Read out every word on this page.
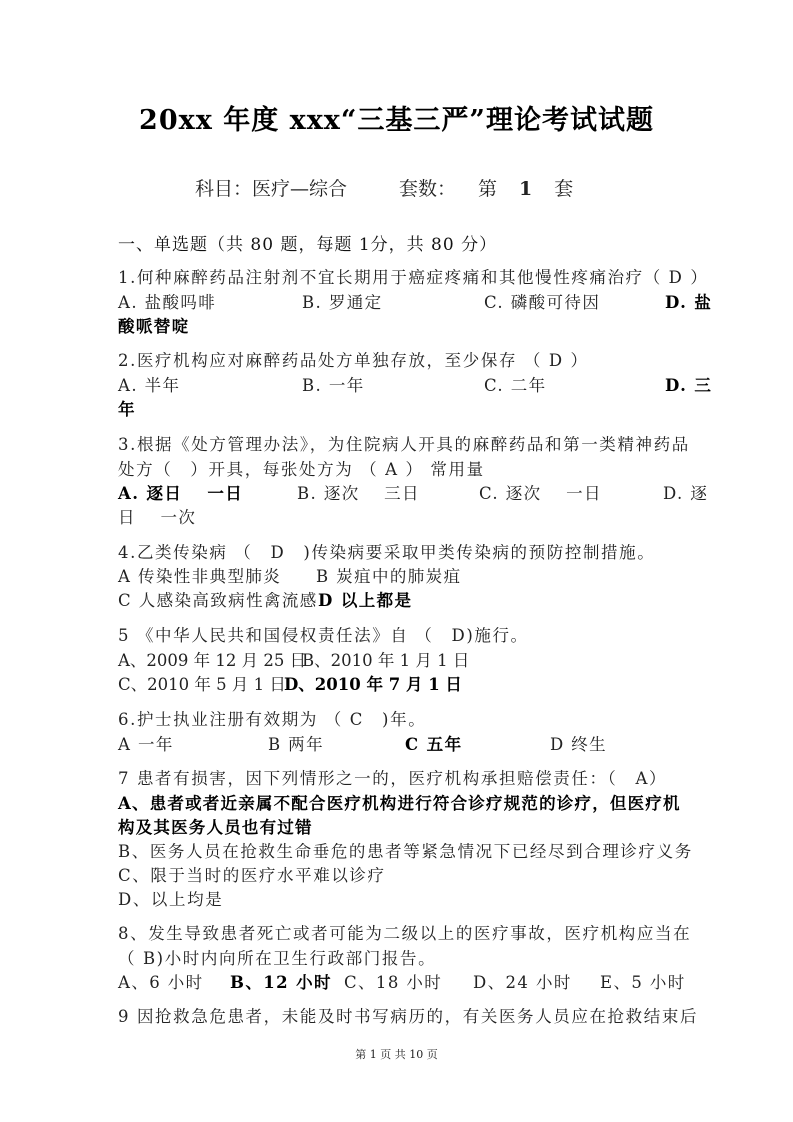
20xx 年度 xxx“三基三严”理论考试试题
科目：医疗—综合	套数： 第 1 套
一、单选题（共 80 题，每题 1分，共 80 分）
1.何种麻醉药品注射剂不宜长期用于癌症疼痛和其他慢性疼痛治疗（ D ）
A. 盐酸吗啡	B. 罗通定	C. 磷酸可待因	D. 盐
酸哌替啶
2.医疗机构应对麻醉药品处方单独存放，至少保存 （ D ）
A. 半年	B. 一年	C. 二年	D. 三
年
3.根据《处方管理办法》，为住院病人开具的麻醉药品和第一类精神药品
处方（　）开具，每张处方为 （ A ） 常用量
A. 逐日　 一日	B. 逐次　 三日	C. 逐次　 一日	D. 逐
日　 一次
4.乙类传染病 （　D　)传染病要采取甲类传染病的预防控制措施。
A 传染性非典型肺炎 B 炭疽中的肺炭疽
C 人感染高致病性禽流感 D 以上都是
5 《中华人民共和国侵权责任法》自 （　D)施行。
A、2009 年 12 月 25 日
B、2010 年 1 月 1 日
C、2010 年 5 月 1 日
D、2010 年 7 月 1 日
6.护士执业注册有效期为 （ C　)年。
A 一年	B 两年	C 五年	D 终生
7 患者有损害，因下列情形之一的，医疗机构承担赔偿责任：（　A）
A、患者或者近亲属不配合医疗机构进行符合诊疗规范的诊疗，但医疗机
构及其医务人员也有过错
B、医务人员在抢救生命垂危的患者等紧急情况下已经尽到合理诊疗义务
C、限于当时的医疗水平难以诊疗
D、以上均是
8、发生导致患者死亡或者可能为二级以上的医疗事故，医疗机构应当在
（ B)小时内向所在卫生行政部门报告。
A、6 小时 B、12 小时 C、18 小时 D、24 小时 E、5 小时
9 因抢救急危患者，未能及时书写病历的，有关医务人员应在抢救结束后
第 1 页 共 10 页
